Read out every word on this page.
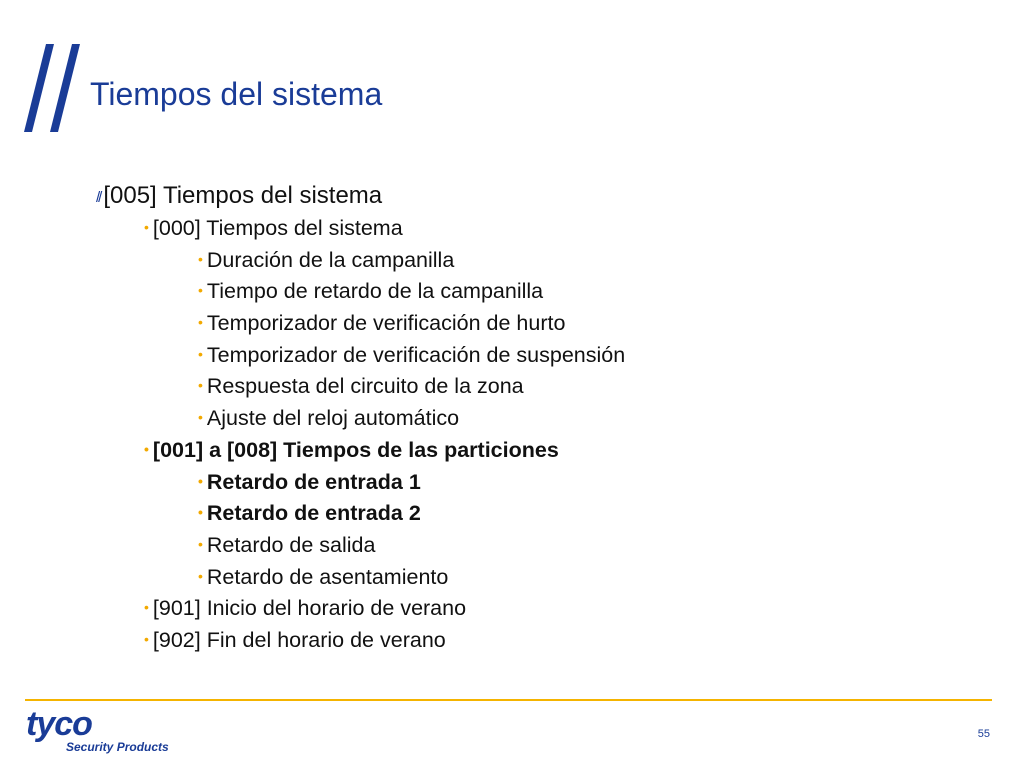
Tiempos del sistema
// [005] Tiempos del sistema
• [000] Tiempos del sistema
• Duración de la campanilla
• Tiempo de retardo de la campanilla
• Temporizador de verificación de hurto
• Temporizador de verificación de suspensión
• Respuesta del circuito de la zona
• Ajuste del reloj automático
• [001] a [008] Tiempos de las particiones
• Retardo de entrada 1
• Retardo de entrada 2
• Retardo de salida
• Retardo de asentamiento
• [901] Inicio del horario de verano
• [902] Fin del horario de verano
tyco
Security Products
55
